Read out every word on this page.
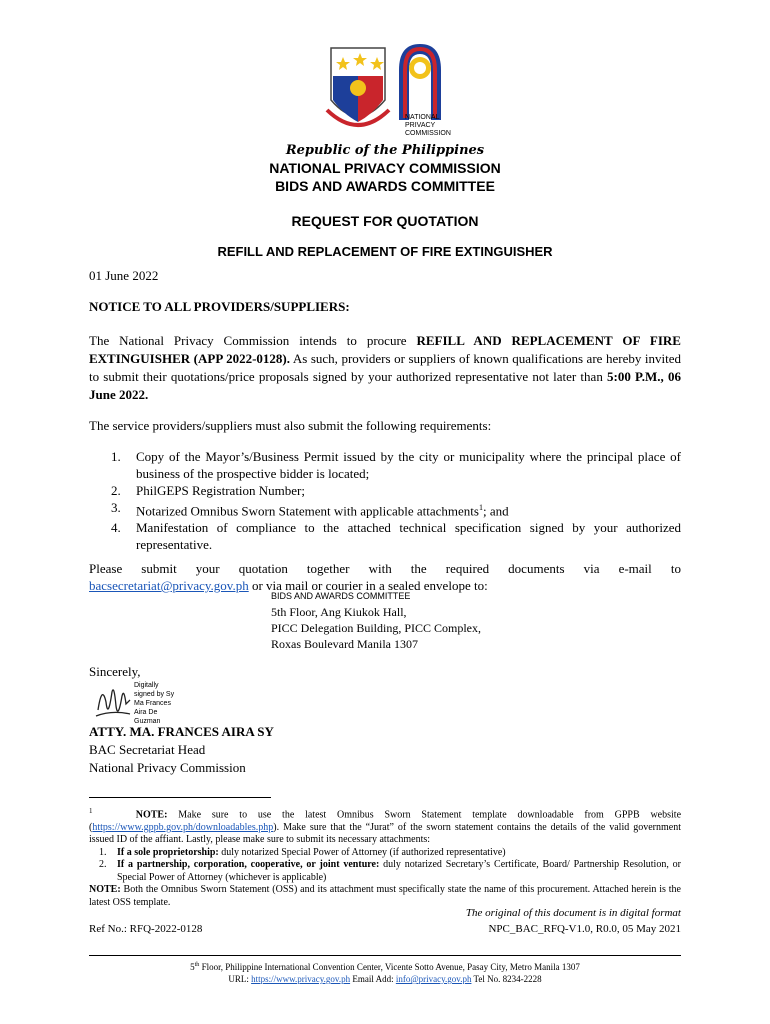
NATIONAL
PRIVACY
COMMISSION
Republic of the Philippines
NATIONAL PRIVACY COMMISSION
BIDS AND AWARDS COMMITTEE
REQUEST FOR QUOTATION
REFILL AND REPLACEMENT OF FIRE EXTINGUISHER
01 June 2022
NOTICE TO ALL PROVIDERS/SUPPLIERS:
The National Privacy Commission intends to procure REFILL AND REPLACEMENT OF FIRE EXTINGUISHER (APP 2022-0128). As such, providers or suppliers of known qualifications are hereby invited to submit their quotations/price proposals signed by your authorized representative not later than 5:00 P.M., 06 June 2022.
The service providers/suppliers must also submit the following requirements:
1. Copy of the Mayor’s/Business Permit issued by the city or municipality where the principal place of business of the prospective bidder is located;
2. PhilGEPS Registration Number;
3. Notarized Omnibus Sworn Statement with applicable attachments$^1$; and
4. Manifestation of compliance to the attached technical specification signed by your authorized representative.
Please submit your quotation together with the required documents via e-mail to
bacsecretariat@privacy.gov.ph or via mail or courier in a sealed envelope to:
BIDS AND AWARDS COMMITTEE
5th Floor, Ang Kiukok Hall,
PICC Delegation Building, PICC Complex,
Roxas Boulevard Manila 1307
Sincerely,
Digitally
signed by Sy
Ma Frances
Aira De
Guzman
ATTY. MA. FRANCES AIRA SY
BAC Secretariat Head
National Privacy Commission
$^1$	NOTE: Make sure to use the latest Omnibus Sworn Statement template downloadable from GPPB website (https://www.gppb.gov.ph/downloadables.php). Make sure that the “Jurat” of the sworn statement contains the details of the valid government issued ID of the affiant. Lastly, please make sure to submit its necessary attachments:
1. If a sole proprietorship: duly notarized Special Power of Attorney (if authorized representative)
2. If a partnership, corporation, cooperative, or joint venture: duly notarized Secretary’s Certificate, Board/ Partnership Resolution, or Special Power of Attorney (whichever is applicable)
NOTE: Both the Omnibus Sworn Statement (OSS) and its attachment must specifically state the name of this procurement. Attached herein is the latest OSS template.
The original of this document is in digital format
Ref No.: RFQ-2022-0128	NPC_BAC_RFQ-V1.0, R0.0, 05 May 2021
5th Floor, Philippine International Convention Center, Vicente Sotto Avenue, Pasay City, Metro Manila 1307
URL: https://www.privacy.gov.ph Email Add: info@privacy.gov.ph Tel No. 8234-2228
